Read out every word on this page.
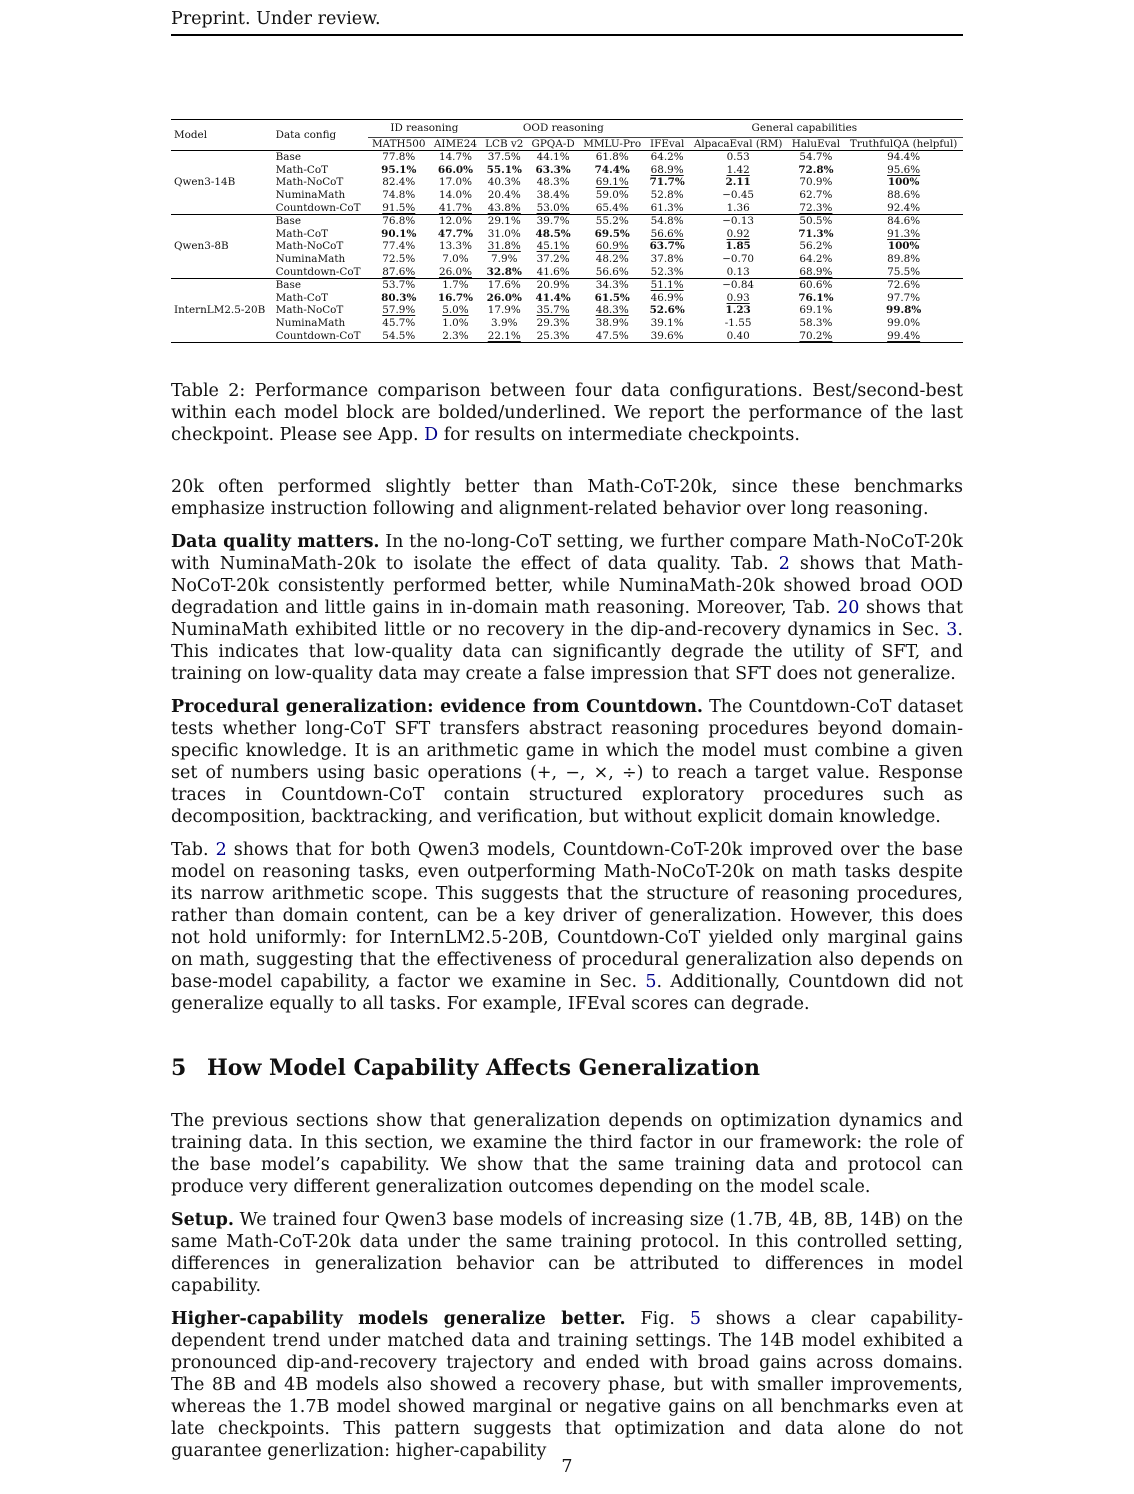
Preprint. Under review.
Model	Data config	ID reasoning		OOD reasoning			General capabilities			
		MATH500	AIME24	LCB v2	GPQA-D	MMLU-Pro	IFEval	AlpacaEval (RM)	HaluEval	TruthfulQA (helpful)
Qwen3-14B	Base	77.8%	14.7%	37.5%	44.1%	61.8%	64.2%	0.53	54.7%	94.4%
	Math-CoT	95.1%	66.0%	55.1%	63.3%	74.4%	68.9%	1.42	72.8%	95.6%
	Math-NoCoT	82.4%	17.0%	40.3%	48.3%	69.1%	71.7%	2.11	70.9%	100%
	NuminaMath	74.8%	14.0%	20.4%	38.4%	59.0%	52.8%	−0.45	62.7%	88.6%
	Countdown-CoT	91.5%	41.7%	43.8%	53.0%	65.4%	61.3%	1.36	72.3%	92.4%
Qwen3-8B	Base	76.8%	12.0%	29.1%	39.7%	55.2%	54.8%	−0.13	50.5%	84.6%
	Math-CoT	90.1%	47.7%	31.0%	48.5%	69.5%	56.6%	0.92	71.3%	91.3%
	Math-NoCoT	77.4%	13.3%	31.8%	45.1%	60.9%	63.7%	1.85	56.2%	100%
	NuminaMath	72.5%	7.0%	7.9%	37.2%	48.2%	37.8%	−0.70	64.2%	89.8%
	Countdown-CoT	87.6%	26.0%	32.8%	41.6%	56.6%	52.3%	0.13	68.9%	75.5%
InternLM2.5-20B	Base	53.7%	1.7%	17.6%	20.9%	34.3%	51.1%	−0.84	60.6%	72.6%
	Math-CoT	80.3%	16.7%	26.0%	41.4%	61.5%	46.9%	0.93	76.1%	97.7%
	Math-NoCoT	57.9%	5.0%	17.9%	35.7%	48.3%	52.6%	1.23	69.1%	99.8%
	NuminaMath	45.7%	1.0%	3.9%	29.3%	38.9%	39.1%	-1.55	58.3%	99.0%
	Countdown-CoT	54.5%	2.3%	22.1%	25.3%	47.5%	39.6%	0.40	70.2%	99.4%
Table 2: Performance comparison between four data configurations. Best/second-best within each model block are bolded/underlined. We report the performance of the last checkpoint. Please see App. D for results on intermediate checkpoints.

20k often performed slightly better than Math-CoT-20k, since these benchmarks emphasize instruction following and alignment-related behavior over long reasoning.

Data quality matters. In the no-long-CoT setting, we further compare Math-NoCoT-20k with NuminaMath-20k to isolate the effect of data quality. Tab. 2 shows that Math-NoCoT-20k consistently performed better, while NuminaMath-20k showed broad OOD degradation and little gains in in-domain math reasoning. Moreover, Tab. 20 shows that NuminaMath exhibited little or no recovery in the dip-and-recovery dynamics in Sec. 3. This indicates that low-quality data can significantly degrade the utility of SFT, and training on low-quality data may create a false impression that SFT does not generalize.

Procedural generalization: evidence from Countdown. The Countdown-CoT dataset tests whether long-CoT SFT transfers abstract reasoning procedures beyond domain-specific knowledge. It is an arithmetic game in which the model must combine a given set of numbers using basic operations (+, −, ×, ÷) to reach a target value. Response traces in Countdown-CoT contain structured exploratory procedures such as decomposition, backtracking, and verification, but without explicit domain knowledge.

Tab. 2 shows that for both Qwen3 models, Countdown-CoT-20k improved over the base model on reasoning tasks, even outperforming Math-NoCoT-20k on math tasks despite its narrow arithmetic scope. This suggests that the structure of reasoning procedures, rather than domain content, can be a key driver of generalization. However, this does not hold uniformly: for InternLM2.5-20B, Countdown-CoT yielded only marginal gains on math, suggesting that the effectiveness of procedural generalization also depends on base-model capability, a factor we examine in Sec. 5. Additionally, Countdown did not generalize equally to all tasks. For example, IFEval scores can degrade.

5 How Model Capability Affects Generalization

The previous sections show that generalization depends on optimization dynamics and training data. In this section, we examine the third factor in our framework: the role of the base model’s capability. We show that the same training data and protocol can produce very different generalization outcomes depending on the model scale.

Setup. We trained four Qwen3 base models of increasing size (1.7B, 4B, 8B, 14B) on the same Math-CoT-20k data under the same training protocol. In this controlled setting, differences in generalization behavior can be attributed to differences in model capability.

Higher-capability models generalize better. Fig. 5 shows a clear capability-dependent trend under matched data and training settings. The 14B model exhibited a pronounced dip-and-recovery trajectory and ended with broad gains across domains. The 8B and 4B models also showed a recovery phase, but with smaller improvements, whereas the 1.7B model showed marginal or negative gains on all benchmarks even at late checkpoints. This pattern suggests that optimization and data alone do not guarantee generlization: higher-capability

7
